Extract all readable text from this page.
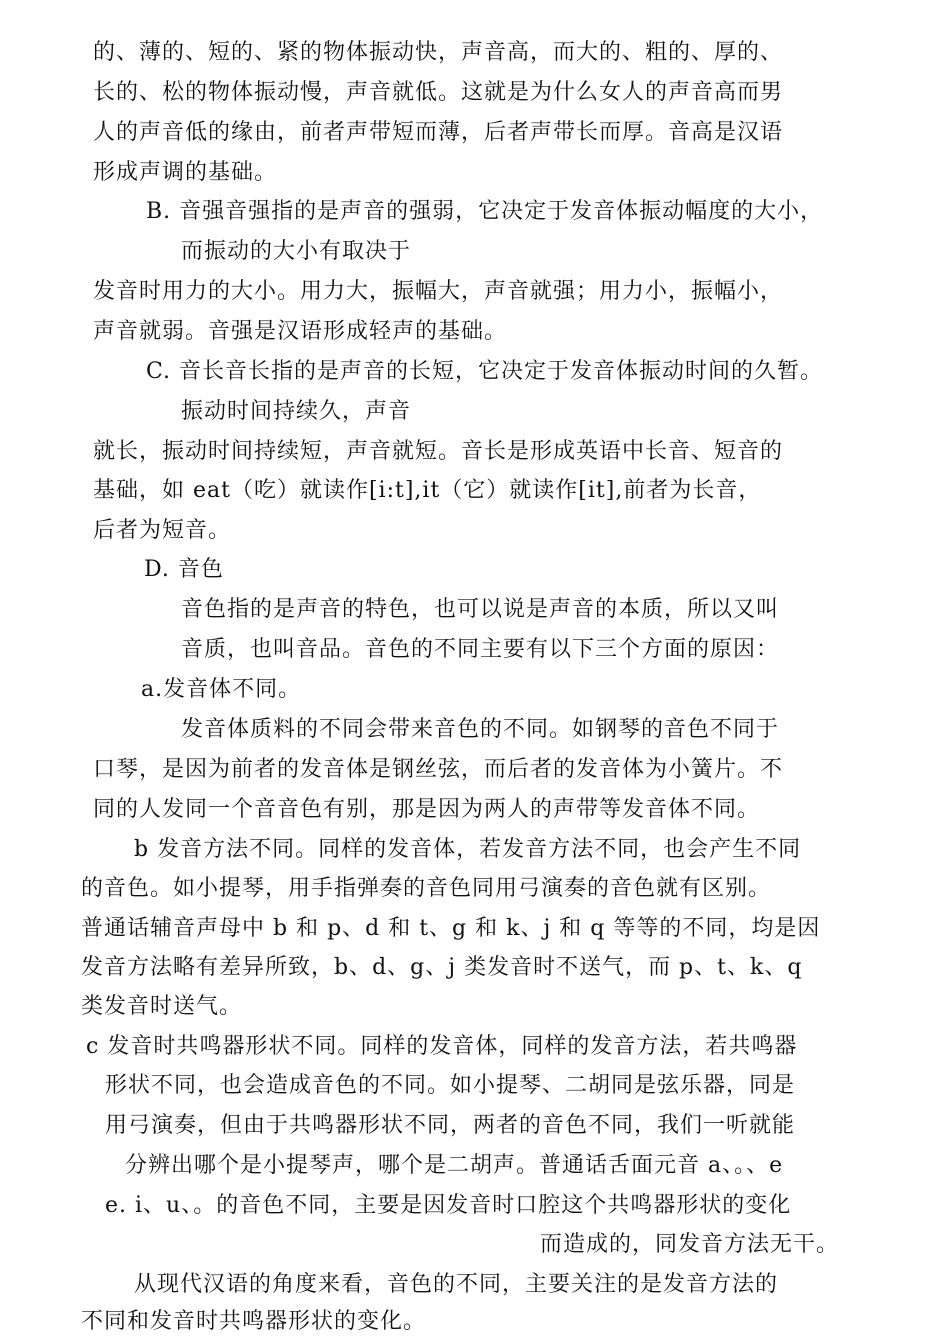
的、薄的、短的、紧的物体振动快，声音高，而大的、粗的、厚的、
长的、松的物体振动慢，声音就低。这就是为什么女人的声音高而男
人的声音低的缘由，前者声带短而薄，后者声带长而厚。音高是汉语
形成声调的基础。
B. 音强音强指的是声音的强弱，它决定于发音体振动幅度的大小，
而振动的大小有取决于
发音时用力的大小。用力大，振幅大，声音就强；用力小，振幅小，
声音就弱。音强是汉语形成轻声的基础。
C. 音长音长指的是声音的长短，它决定于发音体振动时间的久暂。
振动时间持续久，声音
就长，振动时间持续短，声音就短。音长是形成英语中长音、短音的
基础，如 eat（吃）就读作[i:t],it（它）就读作[it],前者为长音，
后者为短音。
D. 音色
音色指的是声音的特色，也可以说是声音的本质，所以又叫
音质，也叫音品。音色的不同主要有以下三个方面的原因：
a.发音体不同。
发音体质料的不同会带来音色的不同。如钢琴的音色不同于
口琴，是因为前者的发音体是钢丝弦，而后者的发音体为小簧片。不
同的人发同一个音音色有别，那是因为两人的声带等发音体不同。
b 发音方法不同。同样的发音体，若发音方法不同，也会产生不同
的音色。如小提琴，用手指弹奏的音色同用弓演奏的音色就有区别。
普通话辅音声母中 b 和 p、d 和 t、g 和 k、j 和 q 等等的不同，均是因
发音方法略有差异所致，b、d、g、j 类发音时不送气，而 p、t、k、q
类发音时送气。
c 发音时共鸣器形状不同。同样的发音体，同样的发音方法，若共鸣器
形状不同，也会造成音色的不同。如小提琴、二胡同是弦乐器，同是
用弓演奏，但由于共鸣器形状不同，两者的音色不同，我们一听就能
分辨出哪个是小提琴声，哪个是二胡声。普通话舌面元音 a、。、e
e. i、u、。的音色不同，主要是因发音时口腔这个共鸣器形状的变化
而造成的，同发音方法无干。
从现代汉语的角度来看，音色的不同，主要关注的是发音方法的
不同和发音时共鸣器形状的变化。
